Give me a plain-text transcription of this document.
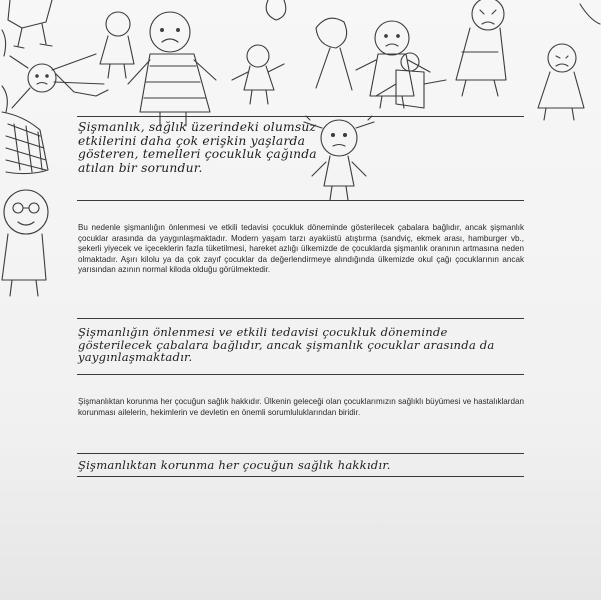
Şişmanlık, sağlık üzerindeki olumsuz etkilerini daha çok erişkin yaşlarda gösteren, temelleri çocukluk çağında atılan bir sorundur.

Şişmanlığın önlenmesi ve etkili tedavisi çocukluk döneminde gösterilecek çabalara bağlıdır, ancak şişmanlık çocuklar arasında da yaygınlaşmaktadır.

Şişmanlıktan korunma her çocuğun sağlık hakkıdır.

Bu nedenle şişmanlığın önlenmesi ve etkili tedavisi çocukluk döneminde gösterilecek çabalara bağlıdır, ancak şişmanlık çocuklar arasında da yaygınlaşmaktadır. Modern yaşam tarzı ayaküstü atıştırma (sandviç, ekmek arası, hamburger vb., şekerli yiyecek ve içeceklerin fazla tüketilmesi, hareket azlığı ülkemizde de çocuklarda şişmanlık oranının artmasına neden olmaktadır. Aşırı kilolu ya da çok zayıf çocuklar da değerlendirmeye alındığında ülkemizde okul çağı çocuklarının ancak yarısından azının normal kiloda olduğu görülmektedir.

Şişmanlıktan korunma her çocuğun sağlık hakkıdır. Ülkenin geleceği olan çocuklarımızın sağlıklı büyümesi ve hastalıklardan korunması ailelerin, hekimlerin ve devletin en önemli sorumluluklarından biridir.
